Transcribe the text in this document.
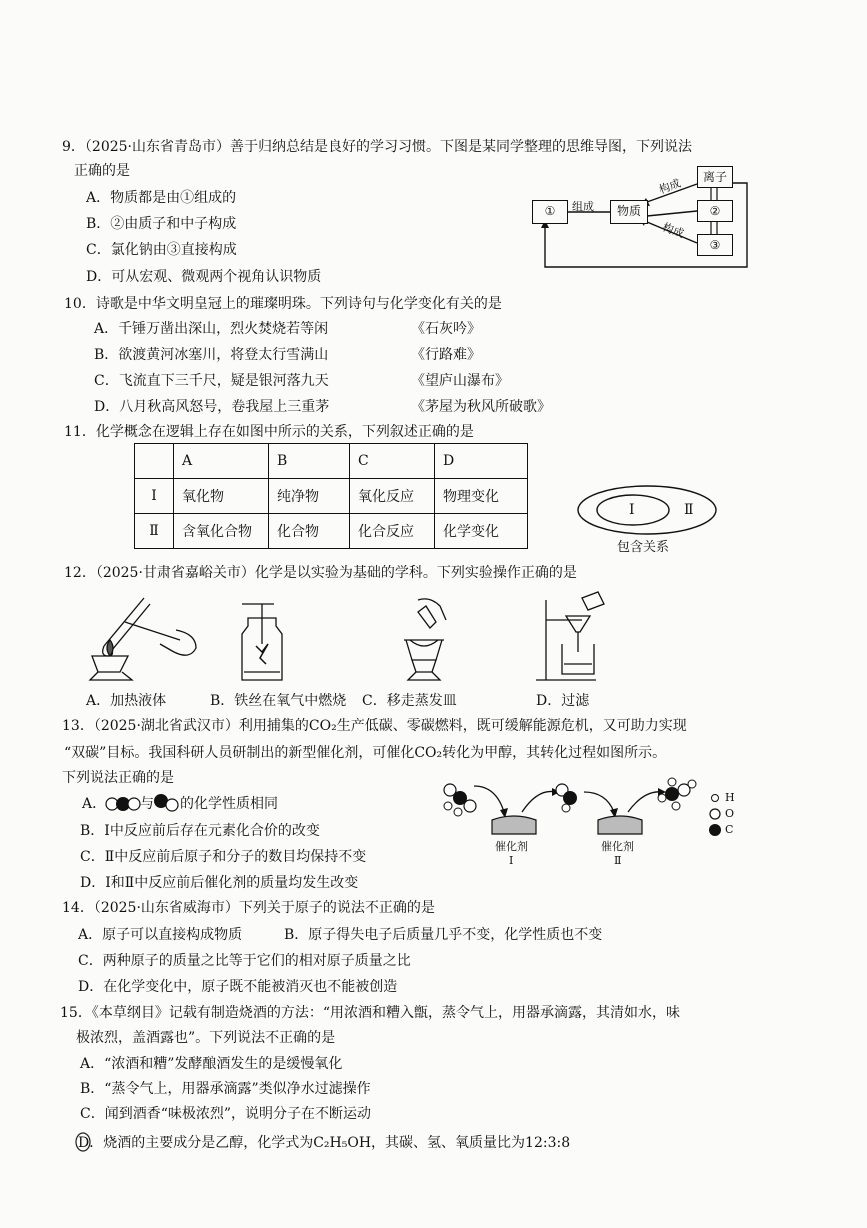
9．（2025·山东省青岛市）善于归纳总结是良好的学习习惯。下图是某同学整理的思维导图，下列说法
正确的是
A．物质都是由①组成的
B．②由质子和中子构成
C．氯化钠由③直接构成
D．可从宏观、微观两个视角认识物质
①	物质
离子
②
③
组成
构成
构成
10．诗歌是中华文明皇冠上的璀璨明珠。下列诗句与化学变化有关的是
A．千锤万凿出深山，烈火焚烧若等闲	《石灰吟》
B．欲渡黄河冰塞川，将登太行雪满山	《行路难》
C．飞流直下三千尺，疑是银河落九天	《望庐山瀑布》
D．八月秋高风怒号，卷我屋上三重茅	《茅屋为秋风所破歌》
11．化学概念在逻辑上存在如图中所示的关系，下列叙述正确的是
	A	B	C	D
Ⅰ	氧化物	纯净物	氧化反应	物理变化
Ⅱ	含氧化合物	化合物	化合反应	化学变化
Ⅰ	Ⅱ
包含关系
12．（2025·甘肃省嘉峪关市）化学是以实验为基础的学科。下列实验操作正确的是
A．加热液体	B．铁丝在氧气中燃烧 C．移走蒸发皿	D．过滤
13．（2025·湖北省武汉市）利用捕集的CO₂生产低碳、零碳燃料，既可缓解能源危机，又可助力实现
“双碳”目标。我国科研人员研制出的新型催化剂，可催化CO₂转化为甲醇，其转化过程如图所示。
下列说法正确的是
A． 与 的化学性质相同
B．Ⅰ中反应前后存在元素化合价的改变
C．Ⅱ中反应前后原子和分子的数目均保持不变
D．Ⅰ和Ⅱ中反应前后催化剂的质量均发生改变
催化剂
Ⅰ
催化剂
Ⅱ
H
O
C
14．（2025·山东省威海市）下列关于原子的说法不正确的是
A．原子可以直接构成物质	B．原子得失电子后质量几乎不变，化学性质也不变
C．两种原子的质量之比等于它们的相对原子质量之比
D．在化学变化中，原子既不能被消灭也不能被创造
15．《本草纲目》记载有制造烧酒的方法：“用浓酒和糟入甑，蒸令气上，用器承滴露，其清如水，味
极浓烈，盖酒露也”。下列说法不正确的是
A．“浓酒和糟”发酵酿酒发生的是缓慢氧化
B．“蒸令气上，用器承滴露”类似净水过滤操作
C．闻到酒香“味极浓烈”，说明分子在不断运动
D．烧酒的主要成分是乙醇，化学式为C₂H₅OH，其碳、氢、氧质量比为12:3:8
